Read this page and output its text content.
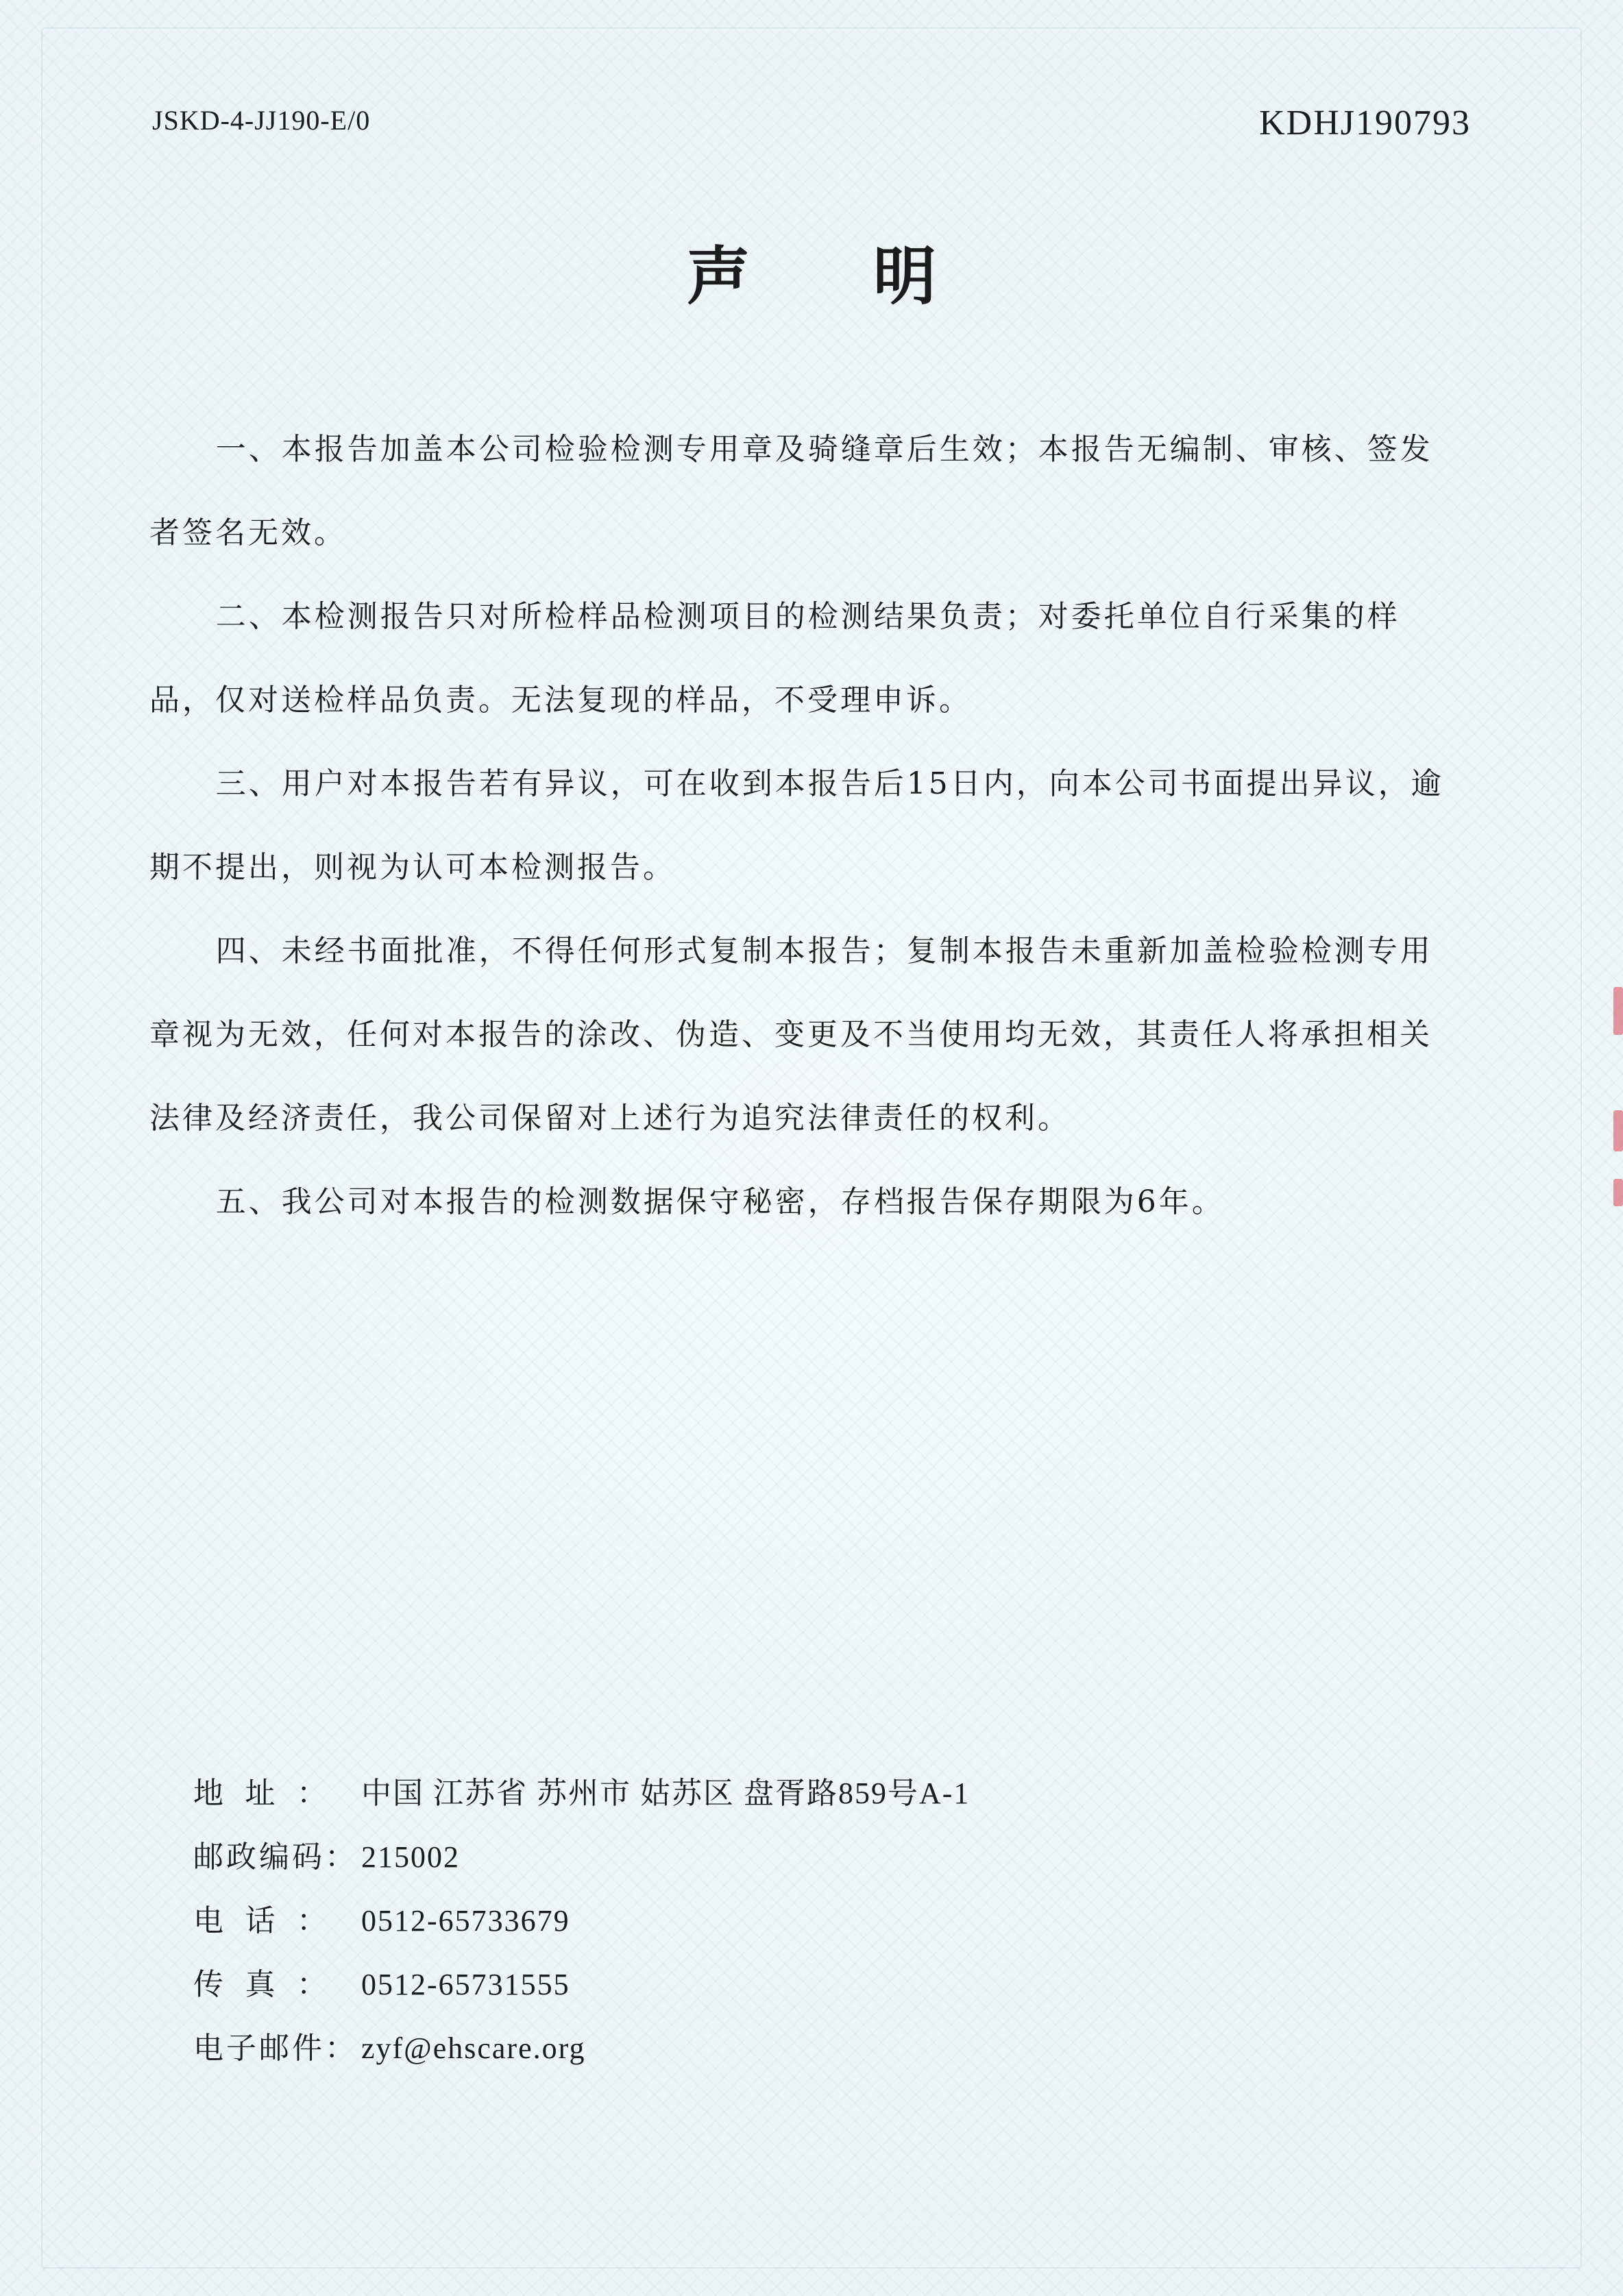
JSKD-4-JJ190-E/0	KDHJ190793
声明

一、本报告加盖本公司检验检测专用章及骑缝章后生效；本报告无编制、审核、签发者签名无效。

二、本检测报告只对所检样品检测项目的检测结果负责；对委托单位自行采集的样品，仅对送检样品负责。无法复现的样品，不受理申诉。

三、用户对本报告若有异议，可在收到本报告后15日内，向本公司书面提出异议，逾期不提出，则视为认可本检测报告。

四、未经书面批准，不得任何形式复制本报告；复制本报告未重新加盖检验检测专用章视为无效，任何对本报告的涂改、伪造、变更及不当使用均无效，其责任人将承担相关法律及经济责任，我公司保留对上述行为追究法律责任的权利。

五、我公司对本报告的检测数据保守秘密，存档报告保存期限为6年。

地址： 中国 江苏省 苏州市 姑苏区 盘胥路859号A-1
邮政编码： 215002
电话： 0512-65733679
传真： 0512-65731555
电子邮件： zyf@ehscare.org
